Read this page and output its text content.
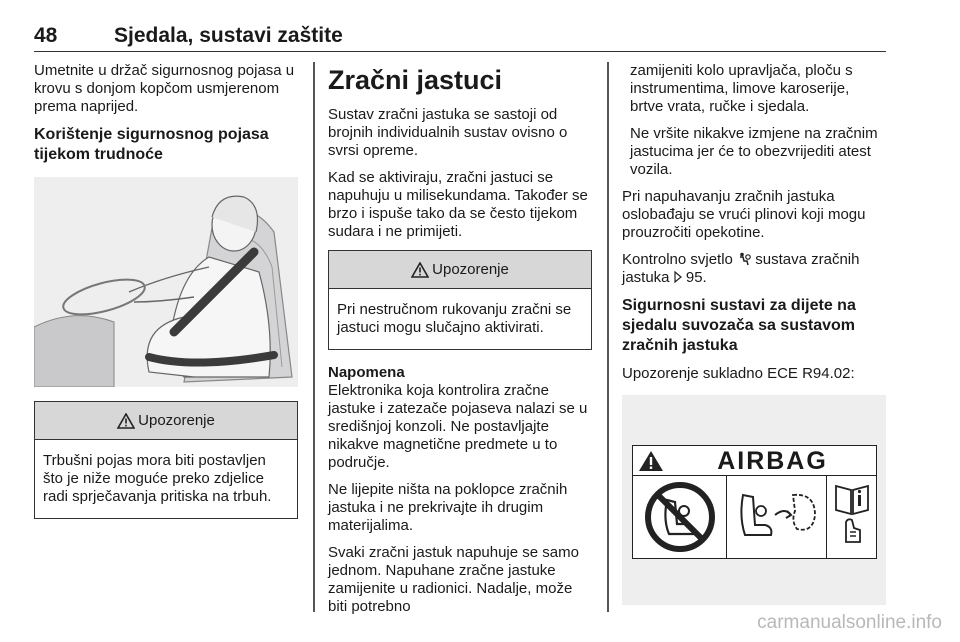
48	Sjedala, sustavi zaštite

Umetnite u držač sigurnosnog pojasa u krovu s donjom kopčom usmjerenom prema naprijed.

Korištenje sigurnosnog pojasa tijekom trudnoće
Upozorenje
Trbušni pojas mora biti postavljen što je niže moguće preko zdjelice radi sprječavanja pritiska na trbuh.
Zračni jastuci

Sustav zračni jastuka se sastoji od brojnih individualnih sustav ovisno o svrsi opreme.

Kad se aktiviraju, zračni jastuci se napuhuju u milisekundama. Također se brzo i ispuše tako da se često tijekom sudara i ne primijeti.

Upozorenje
Pri nestručnom rukovanju zračni se jastuci mogu slučajno aktivirati.
Napomena

Elektronika koja kontrolira zračne jastuke i zatezače pojaseva nalazi se u središnjoj konzoli. Ne postavljajte nikakve magnetične predmete u to područje.

Ne lijepite ništa na poklopce zračnih jastuka i ne prekrivajte ih drugim materijalima.

Svaki zračni jastuk napuhuje se samo jednom. Napuhane zračne jastuke zamijenite u radionici. Nadalje, može biti potrebno

zamijeniti kolo upravljača, ploču s instrumentima, limove karoserije, brtve vrata, ručke i sjedala.

Ne vršite nikakve izmjene na zračnim jastucima jer će to obezvrijediti atest vozila.

Pri napuhavanju zračnih jastuka oslobađaju se vrući plinovi koji mogu prouzročiti opekotine.

Kontrolno svjetlo sustava zračnih jastuka 95.

Sigurnosni sustavi za dijete na sjedalu suvozača sa sustavom zračnih jastuka

Upozorenje sukladno ECE R94.02:

AIRBAG
carmanualsonline.info
